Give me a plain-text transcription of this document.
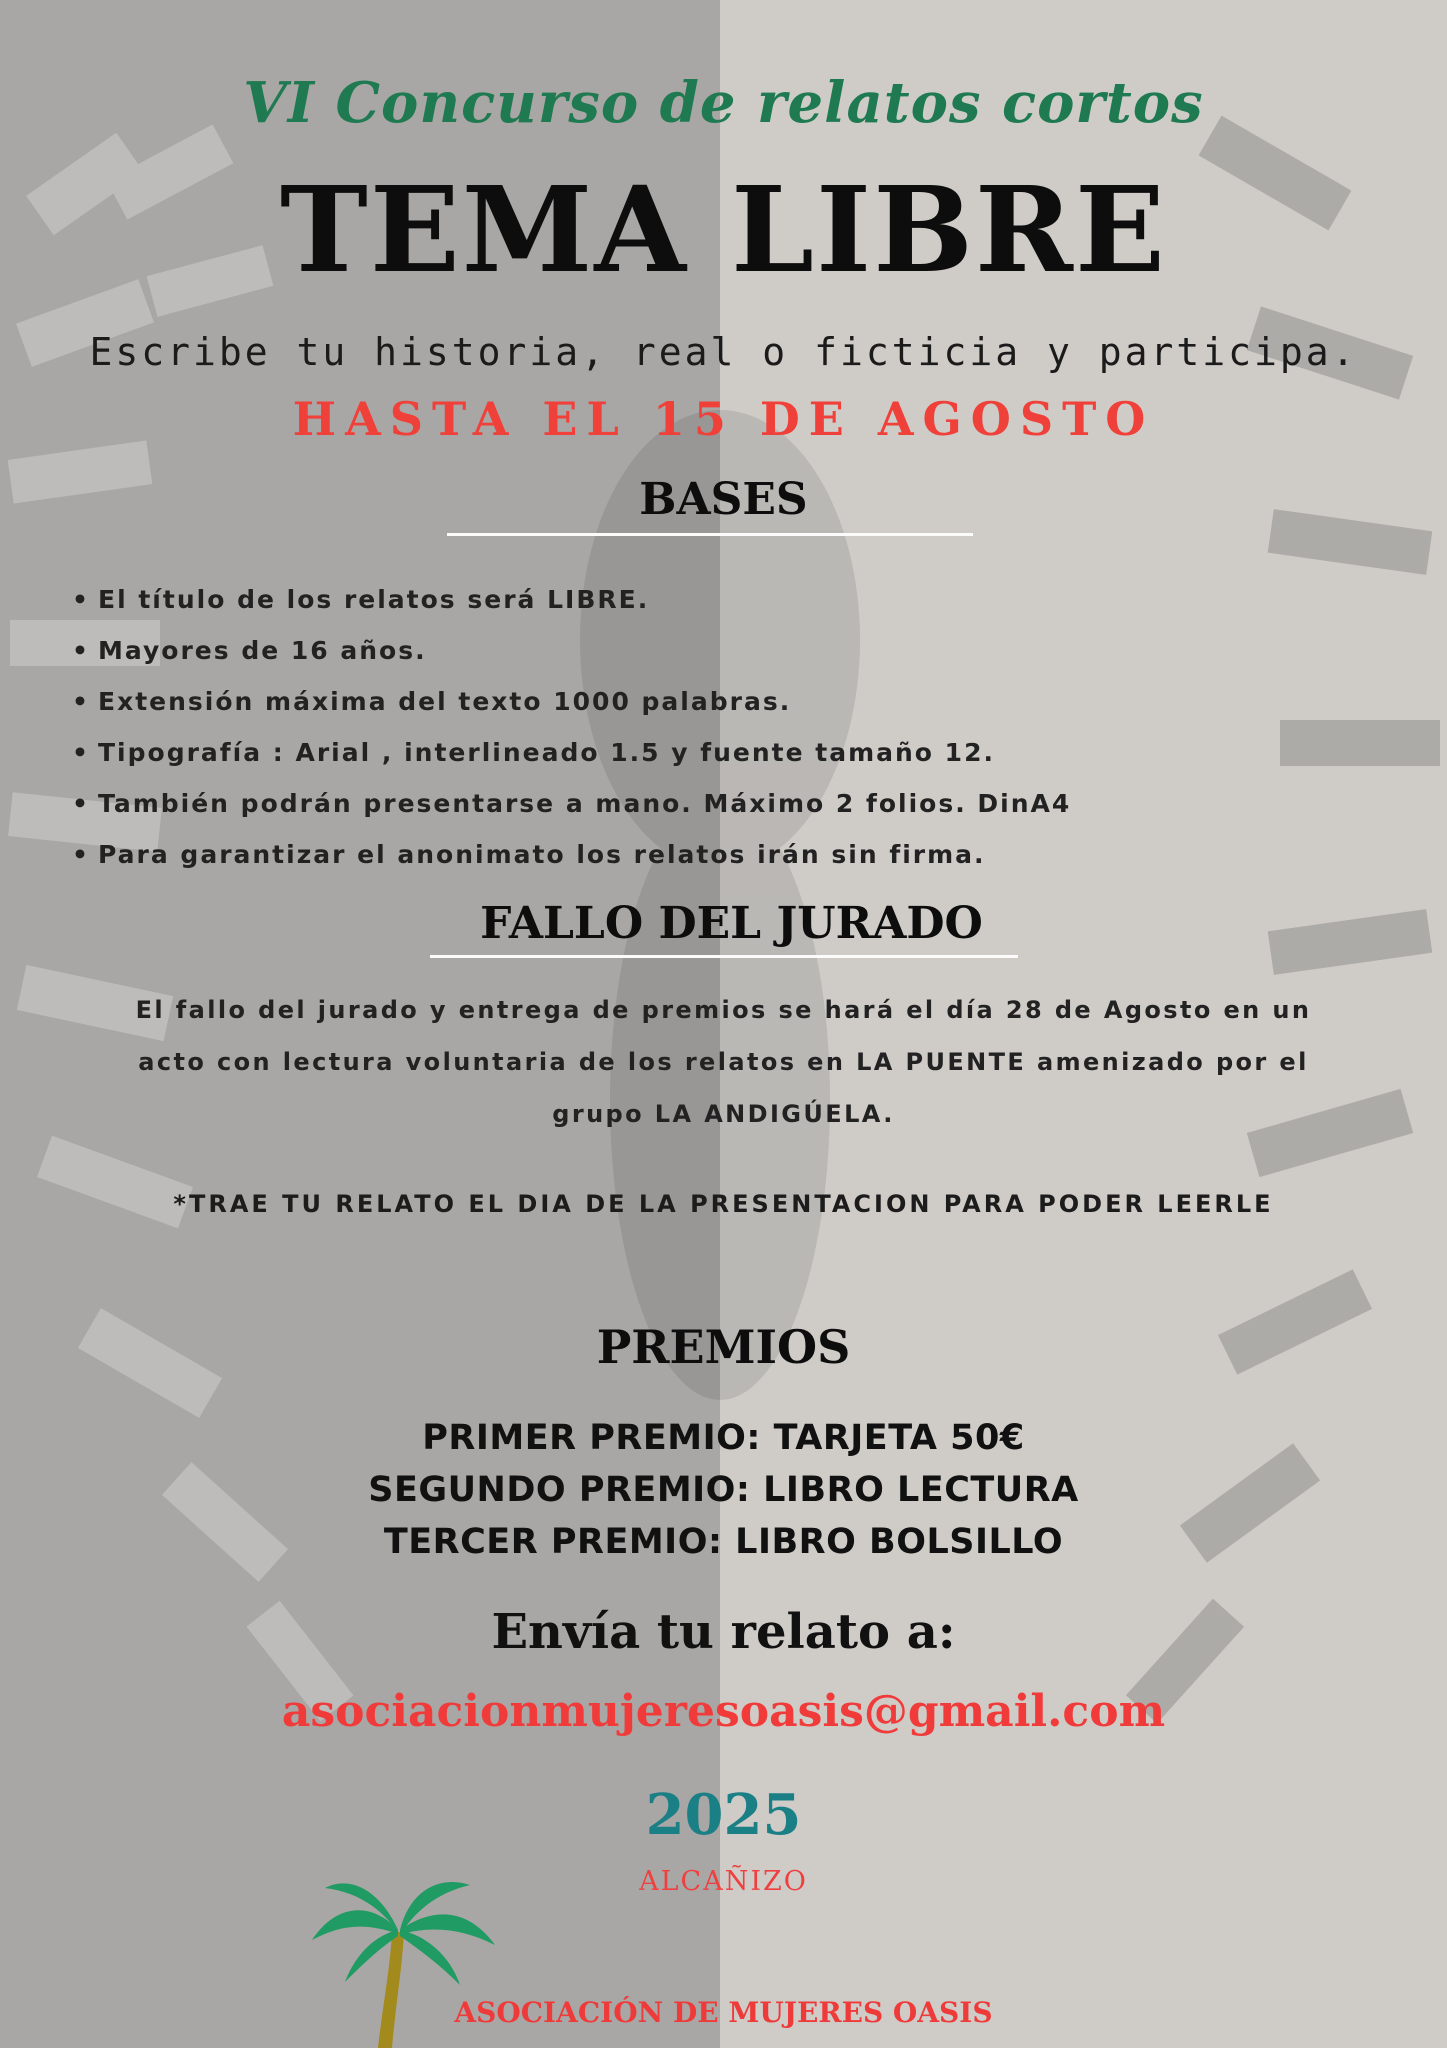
VI Concurso de relatos cortos
TEMA LIBRE
Escribe tu historia, real o ficticia y participa.
HASTA EL 15 DE AGOSTO
BASES
• El título de los relatos será LIBRE.
• Mayores de 16 años.
• Extensión máxima del texto 1000 palabras.
• Tipografía : Arial , interlineado 1.5 y fuente tamaño 12.
• También podrán presentarse a mano. Máximo 2 folios. DinA4
• Para garantizar el anonimato los relatos irán sin firma.
FALLO DEL JURADO
El fallo del jurado y entrega de premios se hará el día 28 de Agosto en un
acto con lectura voluntaria de los relatos en LA PUENTE amenizado por el
grupo LA ANDIGÚELA.
*TRAE TU RELATO EL DIA DE LA PRESENTACION PARA PODER LEERLE
PREMIOS
PRIMER PREMIO: TARJETA 50€
SEGUNDO PREMIO: LIBRO LECTURA
TERCER PREMIO: LIBRO BOLSILLO
Envía tu relato a:
asociacionmujeresoasis@gmail.com
2025
ALCAÑIZO
ASOCIACIÓN DE MUJERES OASIS
